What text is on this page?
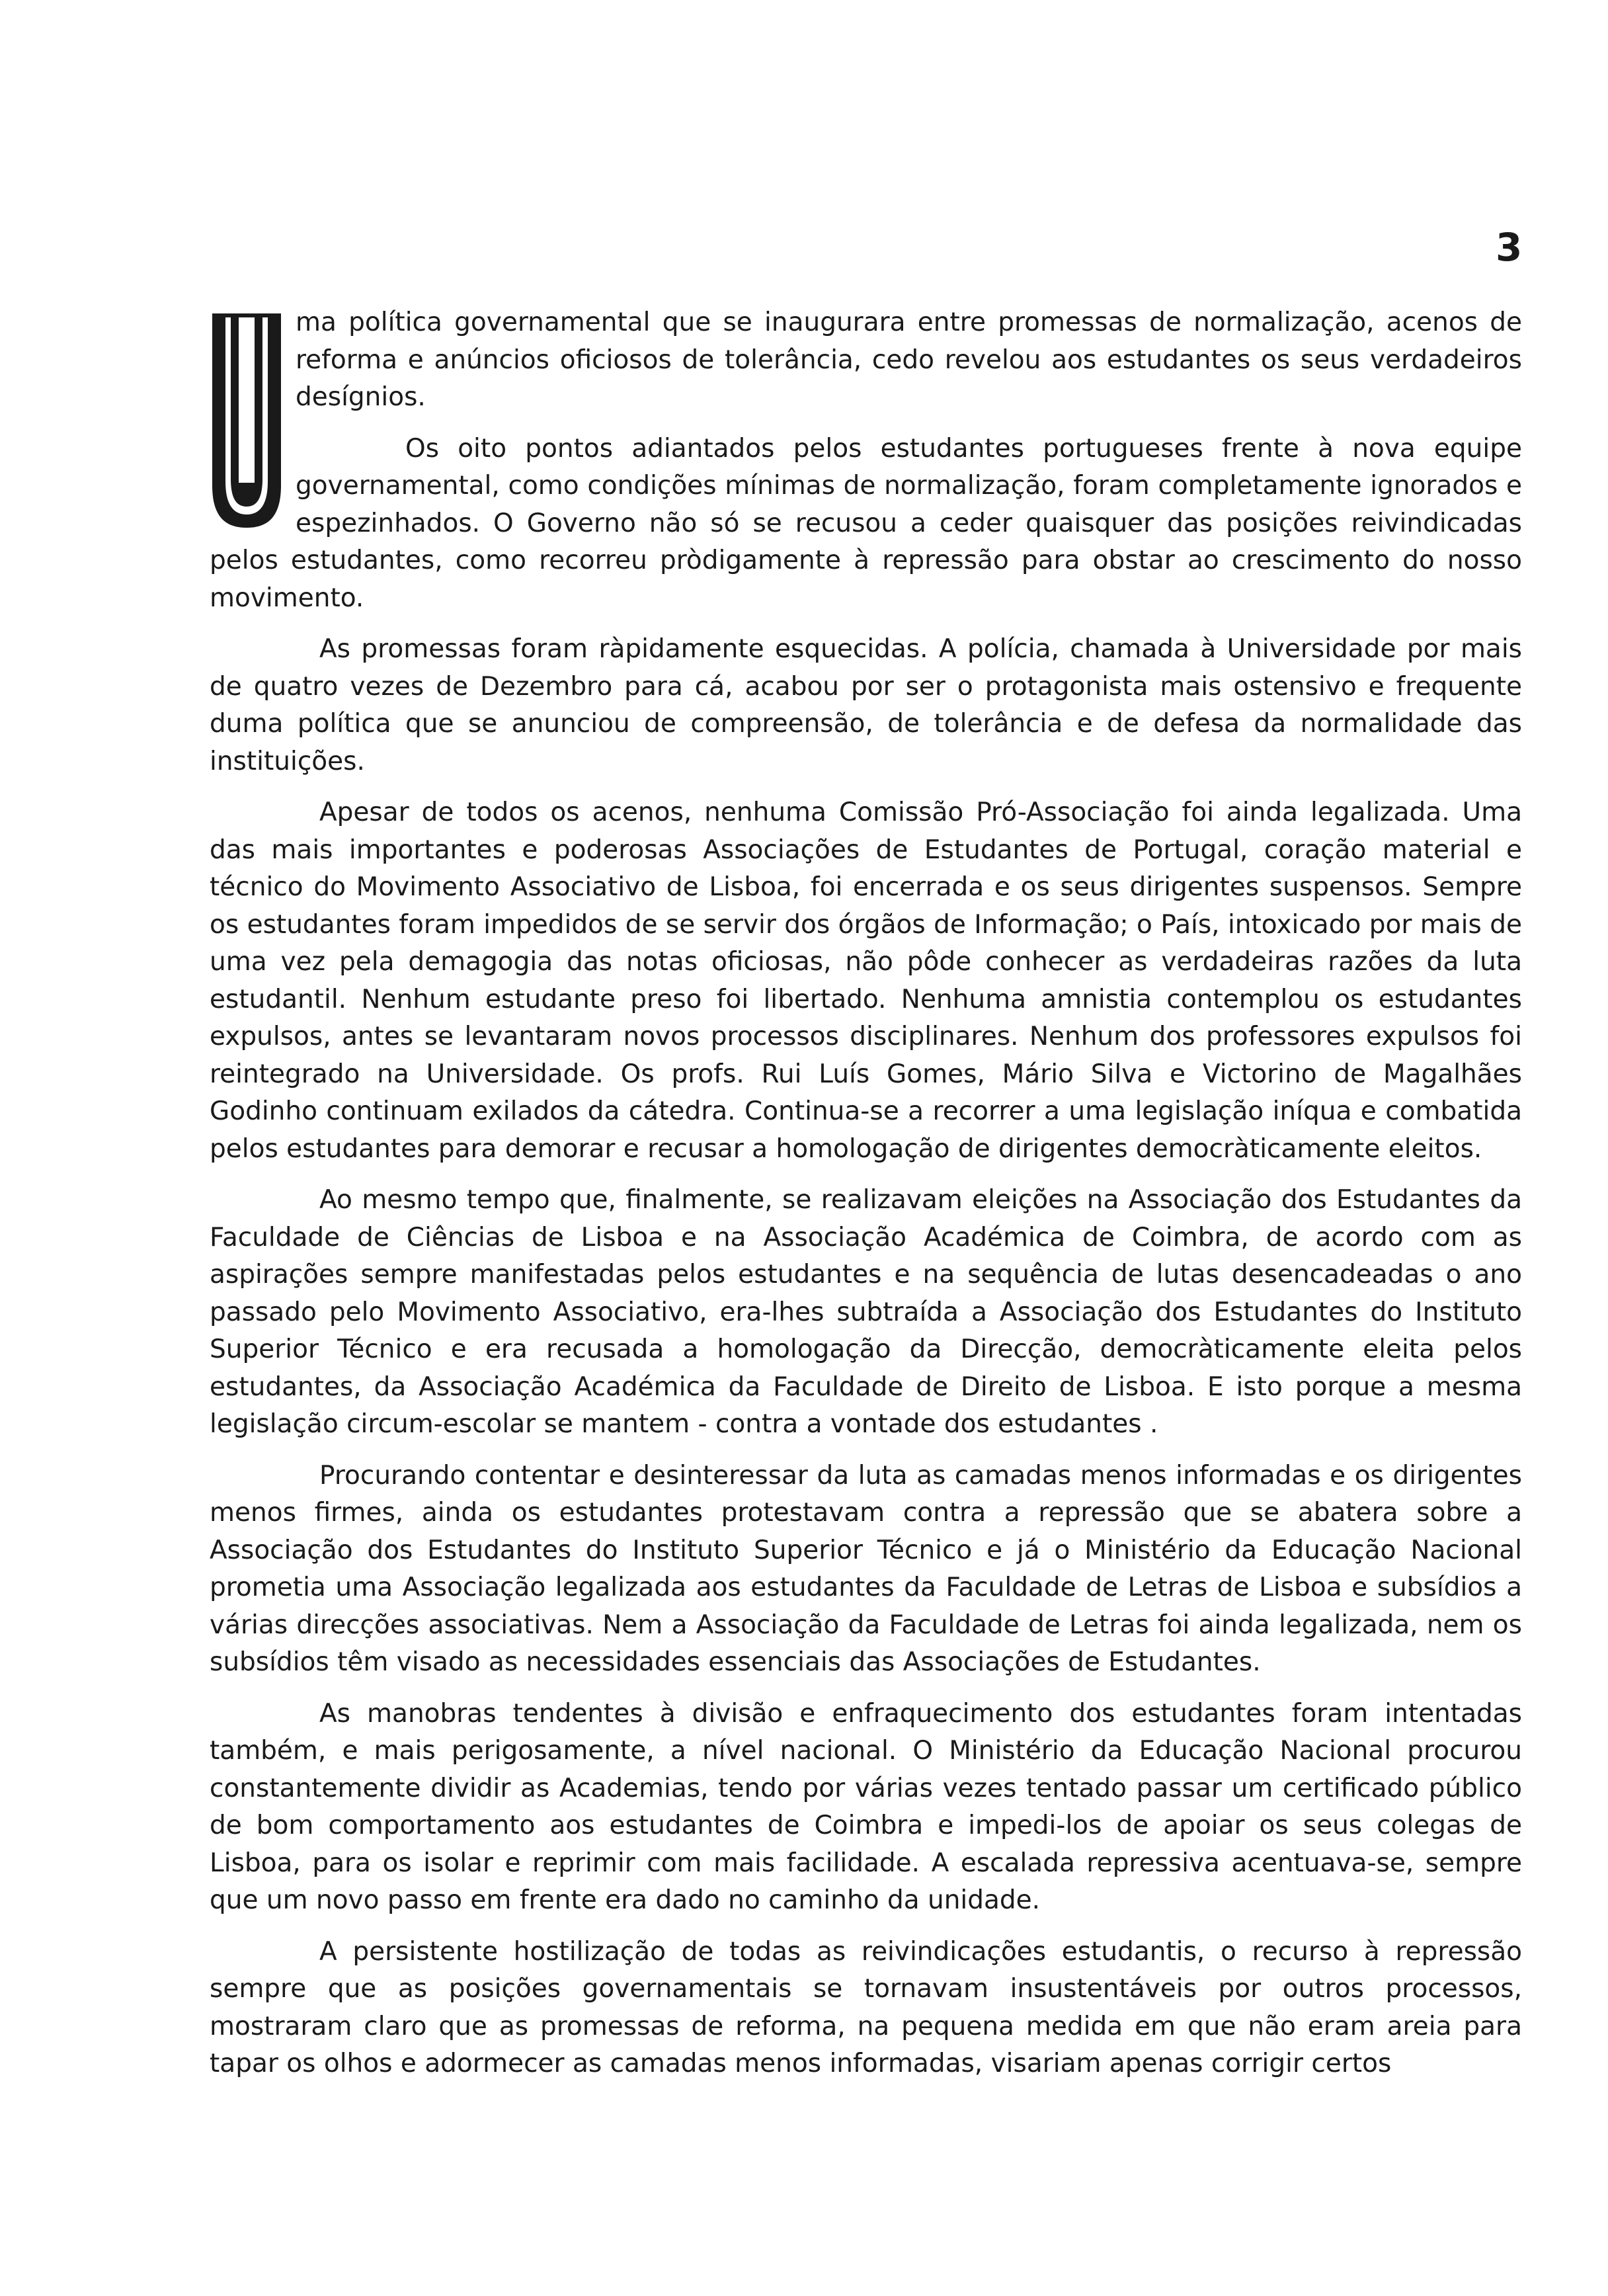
3

ma política governamental que se inaugurara entre promessas de normalização, acenos de reforma e anúncios oficiosos de tolerância, cedo revelou aos estudantes os seus verdadeiros desígnios.

Os oito pontos adiantados pelos estudantes portugueses frente à nova equipe governamental, como condições mínimas de normalização, foram completamente ignorados e espezinhados. O Governo não só se recusou a ceder quaisquer das posições reivindicadas pelos estudantes, como recorreu pròdigamente à repressão para obstar ao crescimento do nosso movimento.

As promessas foram ràpidamente esquecidas. A polícia, chamada à Universidade por mais de quatro vezes de Dezembro para cá, acabou por ser o protagonista mais ostensivo e frequente duma política que se anunciou de compreensão, de tolerância e de defesa da normalidade das instituições.

Apesar de todos os acenos, nenhuma Comissão Pró-Associação foi ainda legalizada. Uma das mais importantes e poderosas Associações de Estudantes de Portugal, coração material e técnico do Movimento Associativo de Lisboa, foi encerrada e os seus dirigentes suspensos. Sempre os estudantes foram impedidos de se servir dos órgãos de Informação; o País, intoxicado por mais de uma vez pela demagogia das notas oficiosas, não pôde conhecer as verdadeiras razões da luta estudantil. Nenhum estudante preso foi libertado. Nenhuma amnistia contemplou os estudantes expulsos, antes se levantaram novos processos disciplinares. Nenhum dos professores expulsos foi reintegrado na Universidade. Os profs. Rui Luís Gomes, Mário Silva e Victorino de Magalhães Godinho continuam exilados da cátedra. Continua-se a recorrer a uma legislação iníqua e combatida pelos estudantes para demorar e recusar a homologação de dirigentes democràticamente eleitos.

Ao mesmo tempo que, finalmente, se realizavam eleições na Associação dos Estudantes da Faculdade de Ciências de Lisboa e na Associação Académica de Coimbra, de acordo com as aspirações sempre manifestadas pelos estudantes e na sequência de lutas desencadeadas o ano passado pelo Movimento Associativo, era-lhes subtraída a Associação dos Estudantes do Instituto Superior Técnico e era recusada a homologação da Direcção, democràticamente eleita pelos estudantes, da Associação Académica da Faculdade de Direito de Lisboa. E isto porque a mesma legislação circum-escolar se mantem - contra a vontade dos estudantes .

Procurando contentar e desinteressar da luta as camadas menos informadas e os dirigentes menos firmes, ainda os estudantes protestavam contra a repressão que se abatera sobre a Associação dos Estudantes do Instituto Superior Técnico e já o Ministério da Educação Nacional prometia uma Associação legalizada aos estudantes da Faculdade de Letras de Lisboa e subsídios a várias direcções associativas. Nem a Associação da Faculdade de Letras foi ainda legalizada, nem os subsídios têm visado as necessidades essenciais das Associações de Estudantes.

As manobras tendentes à divisão e enfraquecimento dos estudantes foram intentadas também, e mais perigosamente, a nível nacional. O Ministério da Educação Nacional procurou constantemente dividir as Academias, tendo por várias vezes tentado passar um certificado público de bom comportamento aos estudantes de Coimbra e impedi-los de apoiar os seus colegas de Lisboa, para os isolar e reprimir com mais facilidade. A escalada repressiva acentuava-se, sempre que um novo passo em frente era dado no caminho da unidade.

A persistente hostilização de todas as reivindicações estudantis, o recurso à repressão sempre que as posições governamentais se tornavam insustentáveis por outros processos, mostraram claro que as promessas de reforma, na pequena medida em que não eram areia para tapar os olhos e adormecer as camadas menos informadas, visariam apenas corrigir certos
